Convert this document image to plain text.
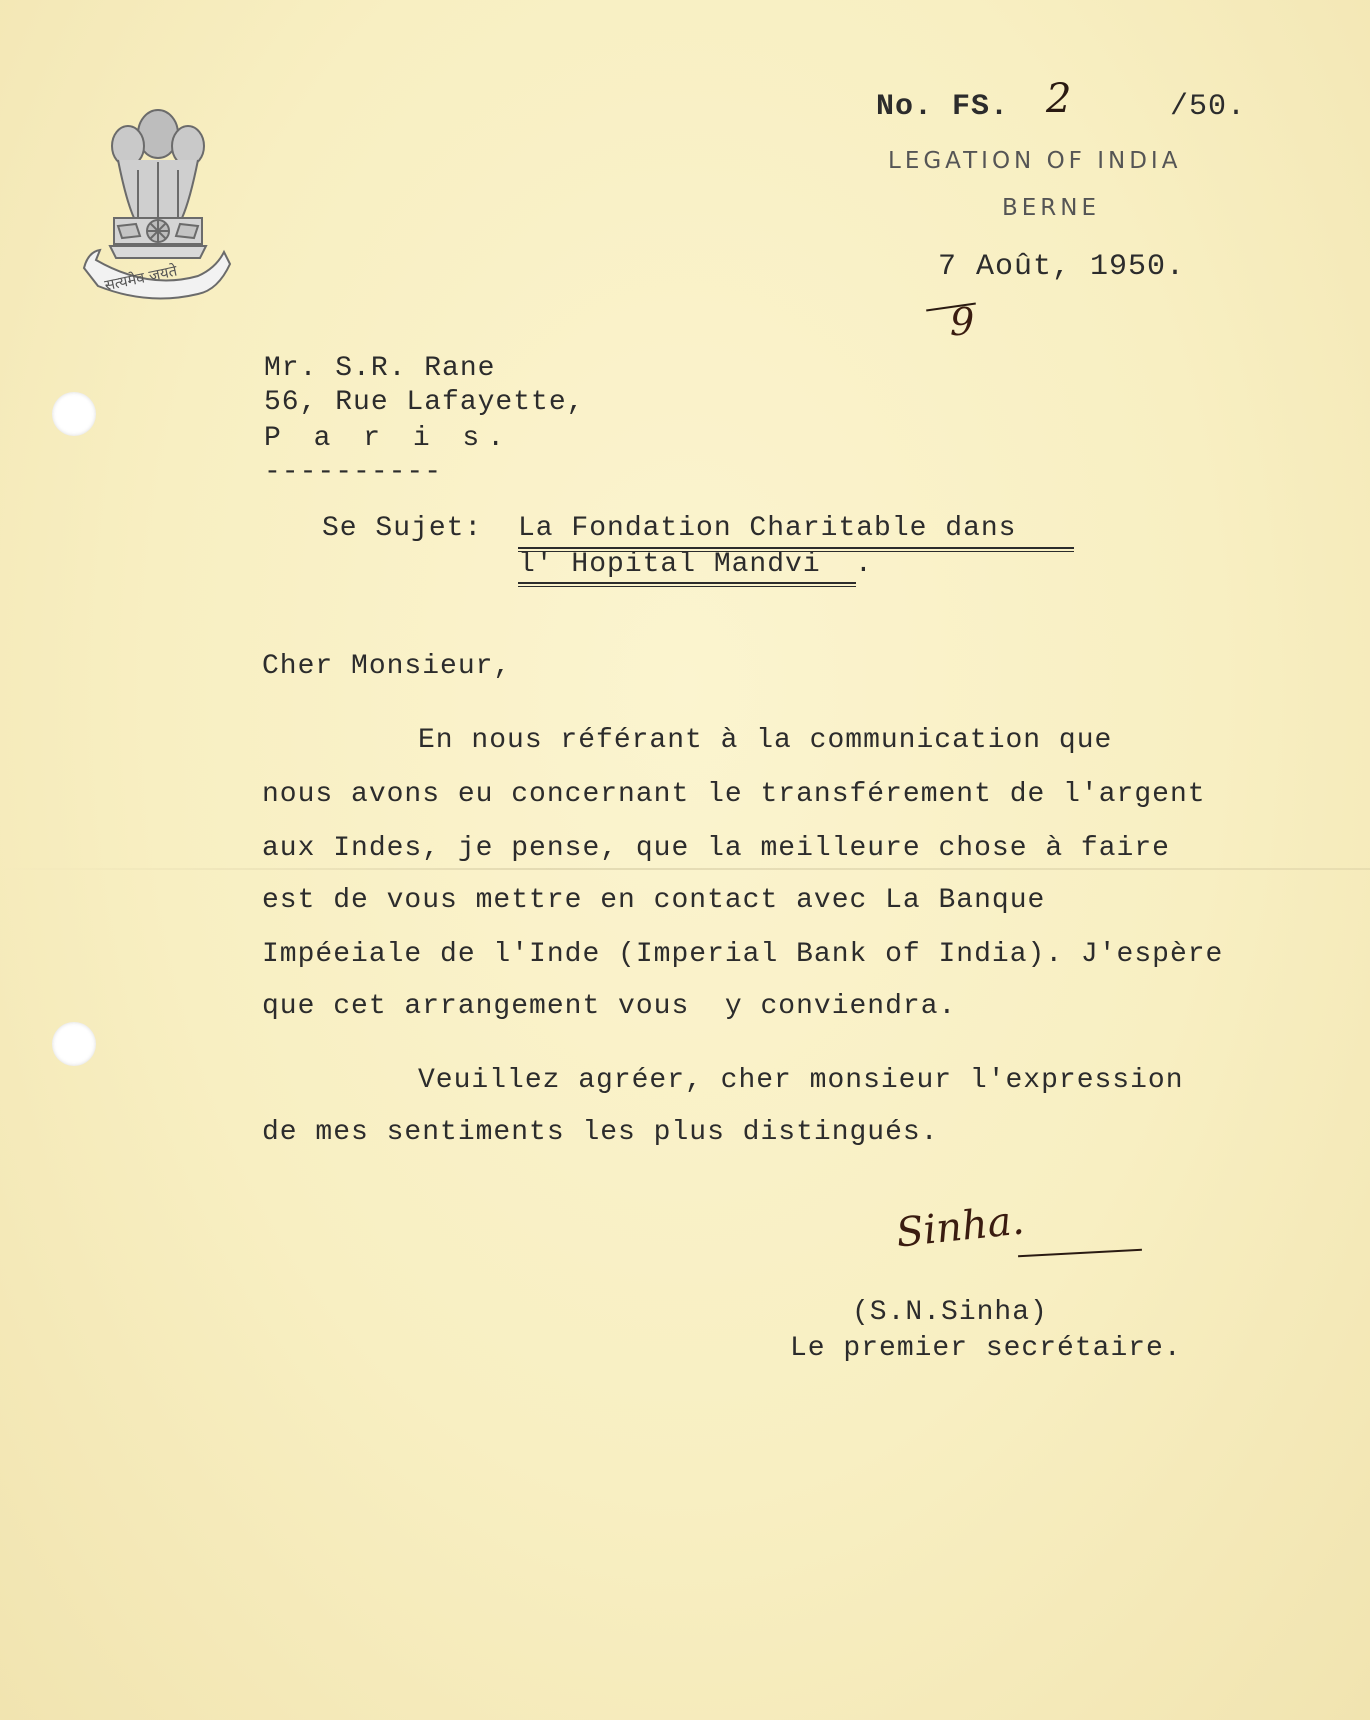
सत्यमेव जयते
No. FS. 2	/50.
LEGATION OF INDIA
BERNE
7 Août, 1950.
9
Mr. S.R. Rane
56, Rue Lafayette,
P a r i s.
----------
Se Sujet: La Fondation Charitable dans
l' Hopital Mandvi .
Cher Monsieur,
En nous référant à la communication que
nous avons eu concernant le transférement de l'argent
aux Indes, je pense, que la meilleure chose à faire
est de vous mettre en contact avec La Banque
Impéeiale de l'Inde (Imperial Bank of India). J'espère
que cet arrangement vous  y conviendra.
Veuillez agréer, cher monsieur l'expression
de mes sentiments les plus distingués.
Sinha.
(S.N.Sinha)
Le premier secrétaire.
